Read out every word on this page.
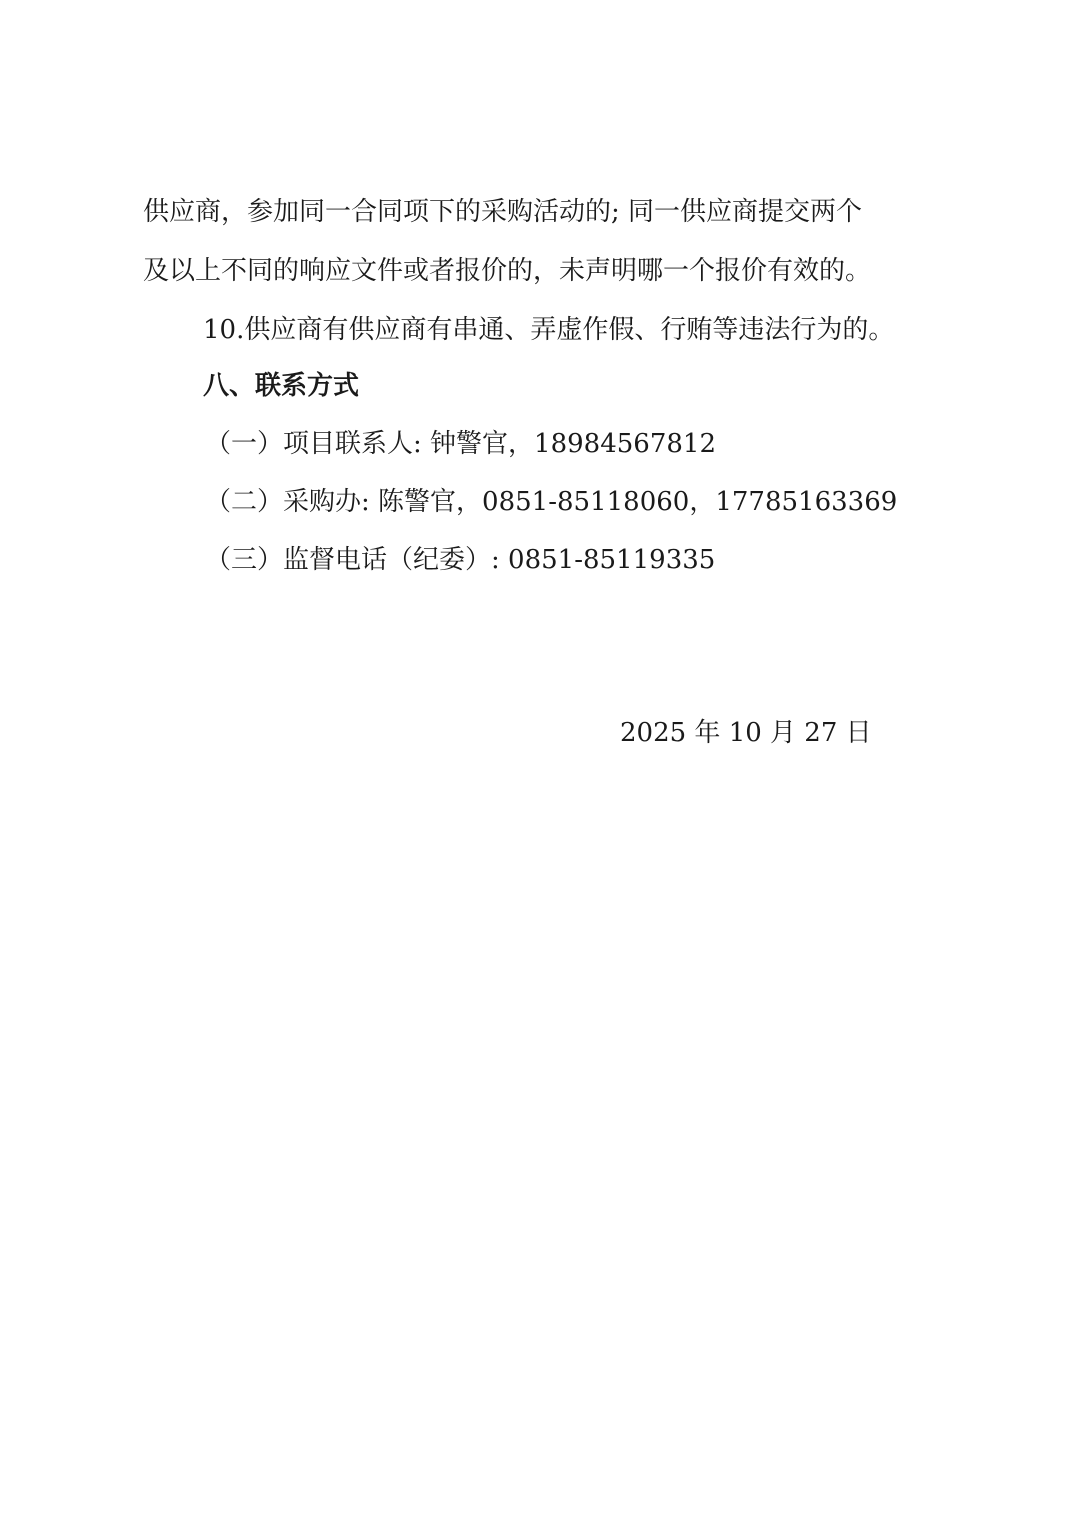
供应商，参加同一合同项下的采购活动的; 同一供应商提交两个
及以上不同的响应文件或者报价的，未声明哪一个报价有效的。
10.供应商有供应商有串通、弄虚作假、行贿等违法行为的。
八、联系方式
（一）项目联系人: 钟警官，18984567812
（二）采购办: 陈警官，0851-85118060，17785163369
（三）监督电话（纪委）: 0851-85119335
2025 年 10 月 27 日
